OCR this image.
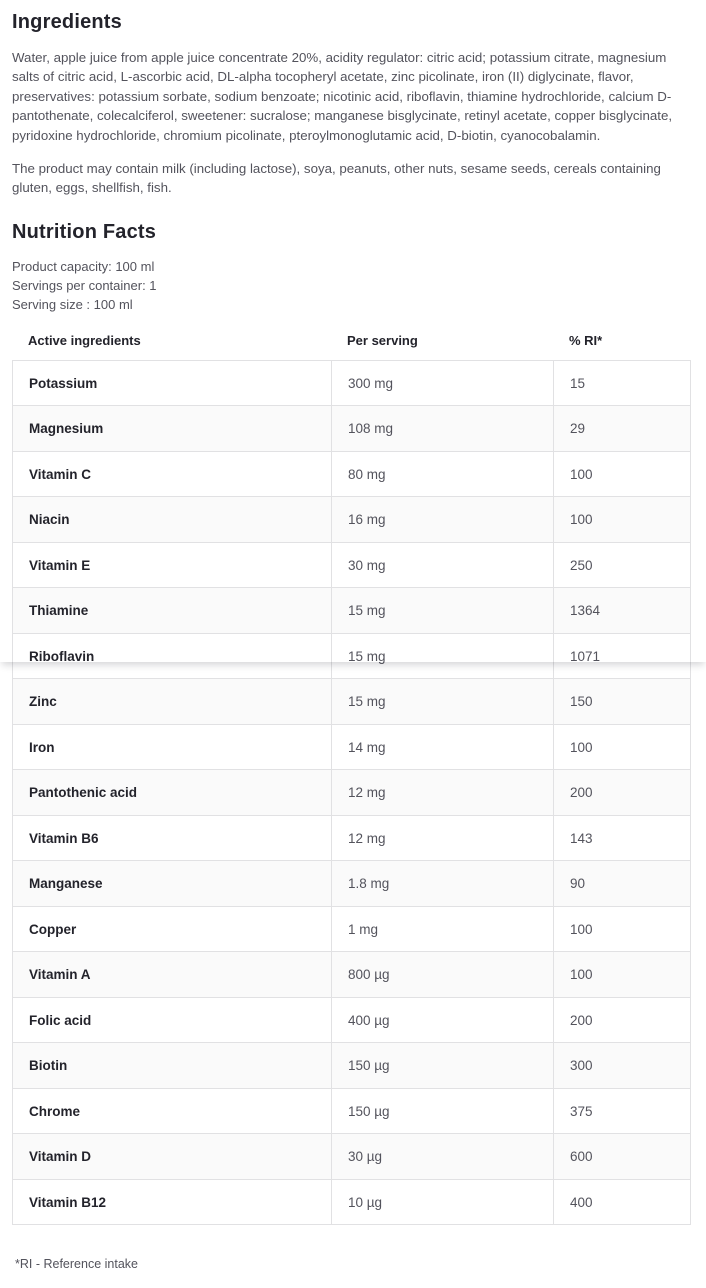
Ingredients

Water, apple juice from apple juice concentrate 20%, acidity regulator: citric acid; potassium citrate, magnesium salts of citric acid, L-ascorbic acid, DL-alpha tocopheryl acetate, zinc picolinate, iron (II) diglycinate, flavor, preservatives: potassium sorbate, sodium benzoate; nicotinic acid, riboflavin, thiamine hydrochloride, calcium D-pantothenate, colecalciferol, sweetener: sucralose; manganese bisglycinate, retinyl acetate, copper bisglycinate, pyridoxine hydrochloride, chromium picolinate, pteroylmonoglutamic acid, D-biotin, cyanocobalamin.

The product may contain milk (including lactose), soya, peanuts, other nuts, sesame seeds, cereals containing gluten, eggs, shellfish, fish.

Nutrition Facts
Product capacity: 100 ml
Servings per container: 1
Serving size : 100 ml
Active ingredients	Per serving	% RI*
Potassium	300 mg	15
Magnesium	108 mg	29
Vitamin C	80 mg	100
Niacin	16 mg	100
Vitamin E	30 mg	250
Thiamine	15 mg	1364
Riboflavin	15 mg	1071
Zinc	15 mg	150
Iron	14 mg	100
Pantothenic acid	12 mg	200
Vitamin B6	12 mg	143
Manganese	1.8 mg	90
Copper	1 mg	100
Vitamin A	800 µg	100
Folic acid	400 µg	200
Biotin	150 µg	300
Chrome	150 µg	375
Vitamin D	30 µg	600
Vitamin B12	10 µg	400
*RI - Reference intake
